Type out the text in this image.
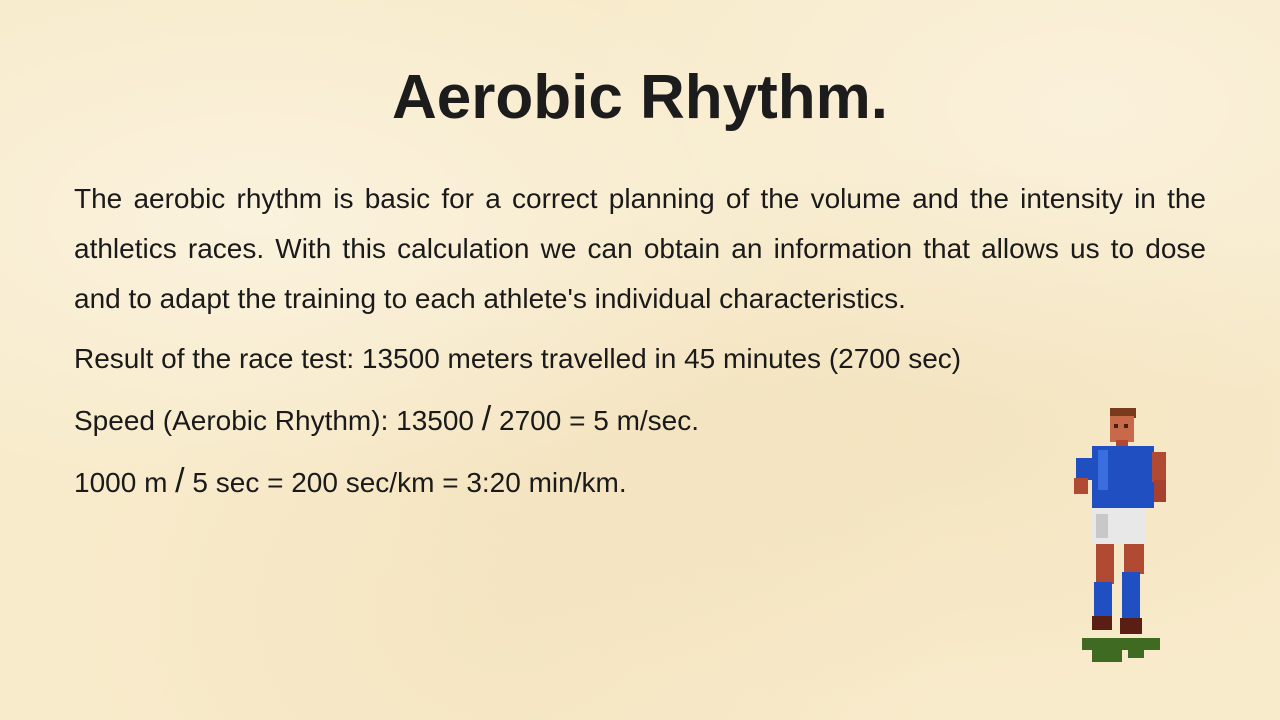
Aerobic Rhythm.

The aerobic rhythm is basic for a correct planning of the volume and the intensity in the athletics races. With this calculation we can obtain an information that allows us to dose and to adapt the training to each athlete's individual characteristics.

Result of the race test: 13500 meters travelled in 45 minutes (2700 sec)

Speed (Aerobic Rhythm): 13500 / 2700 = 5 m/sec.

1000 m / 5 sec = 200 sec/km = 3:20 min/km.
